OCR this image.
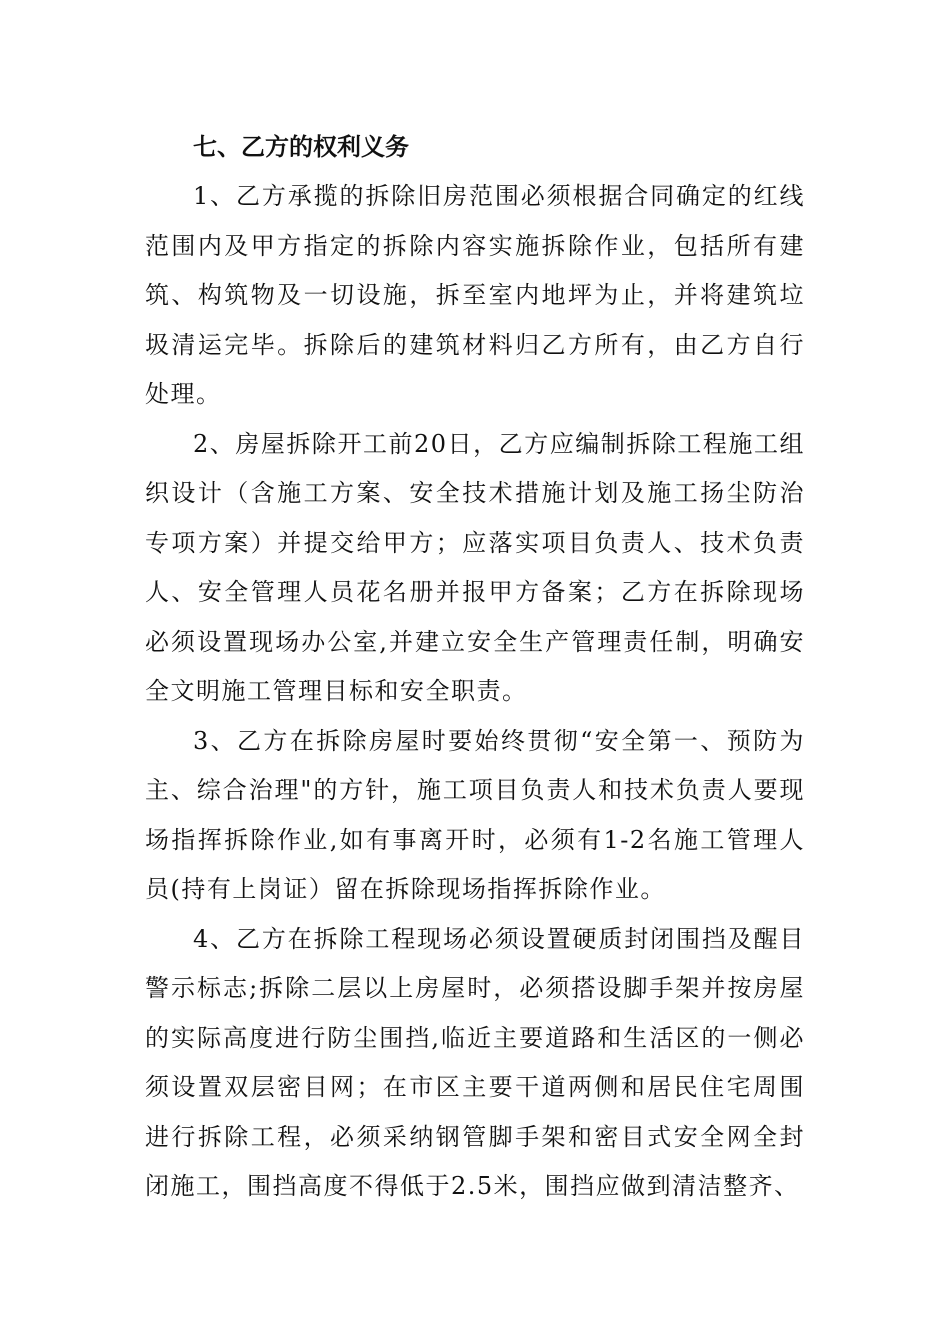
七、乙方的权利义务

1、乙方承揽的拆除旧房范围必须根据合同确定的红线范围内及甲方指定的拆除内容实施拆除作业，包括所有建筑、构筑物及一切设施，拆至室内地坪为止，并将建筑垃圾清运完毕。拆除后的建筑材料归乙方所有，由乙方自行处理。

2、房屋拆除开工前20日，乙方应编制拆除工程施工组织设计（含施工方案、安全技术措施计划及施工扬尘防治专项方案）并提交给甲方；应落实项目负责人、技术负责人、安全管理人员花名册并报甲方备案；乙方在拆除现场必须设置现场办公室,并建立安全生产管理责任制，明确安全文明施工管理目标和安全职责。

3、乙方在拆除房屋时要始终贯彻“安全第一、预防为主、综合治理"的方针，施工项目负责人和技术负责人要现场指挥拆除作业,如有事离开时，必须有1-2名施工管理人员(持有上岗证）留在拆除现场指挥拆除作业。

4、乙方在拆除工程现场必须设置硬质封闭围挡及醒目警示标志;拆除二层以上房屋时，必须搭设脚手架并按房屋的实际高度进行防尘围挡,临近主要道路和生活区的一侧必须设置双层密目网；在市区主要干道两侧和居民住宅周围进行拆除工程，必须采纳钢管脚手架和密目式安全网全封闭施工，围挡高度不得低于2.5米，围挡应做到清洁整齐、
